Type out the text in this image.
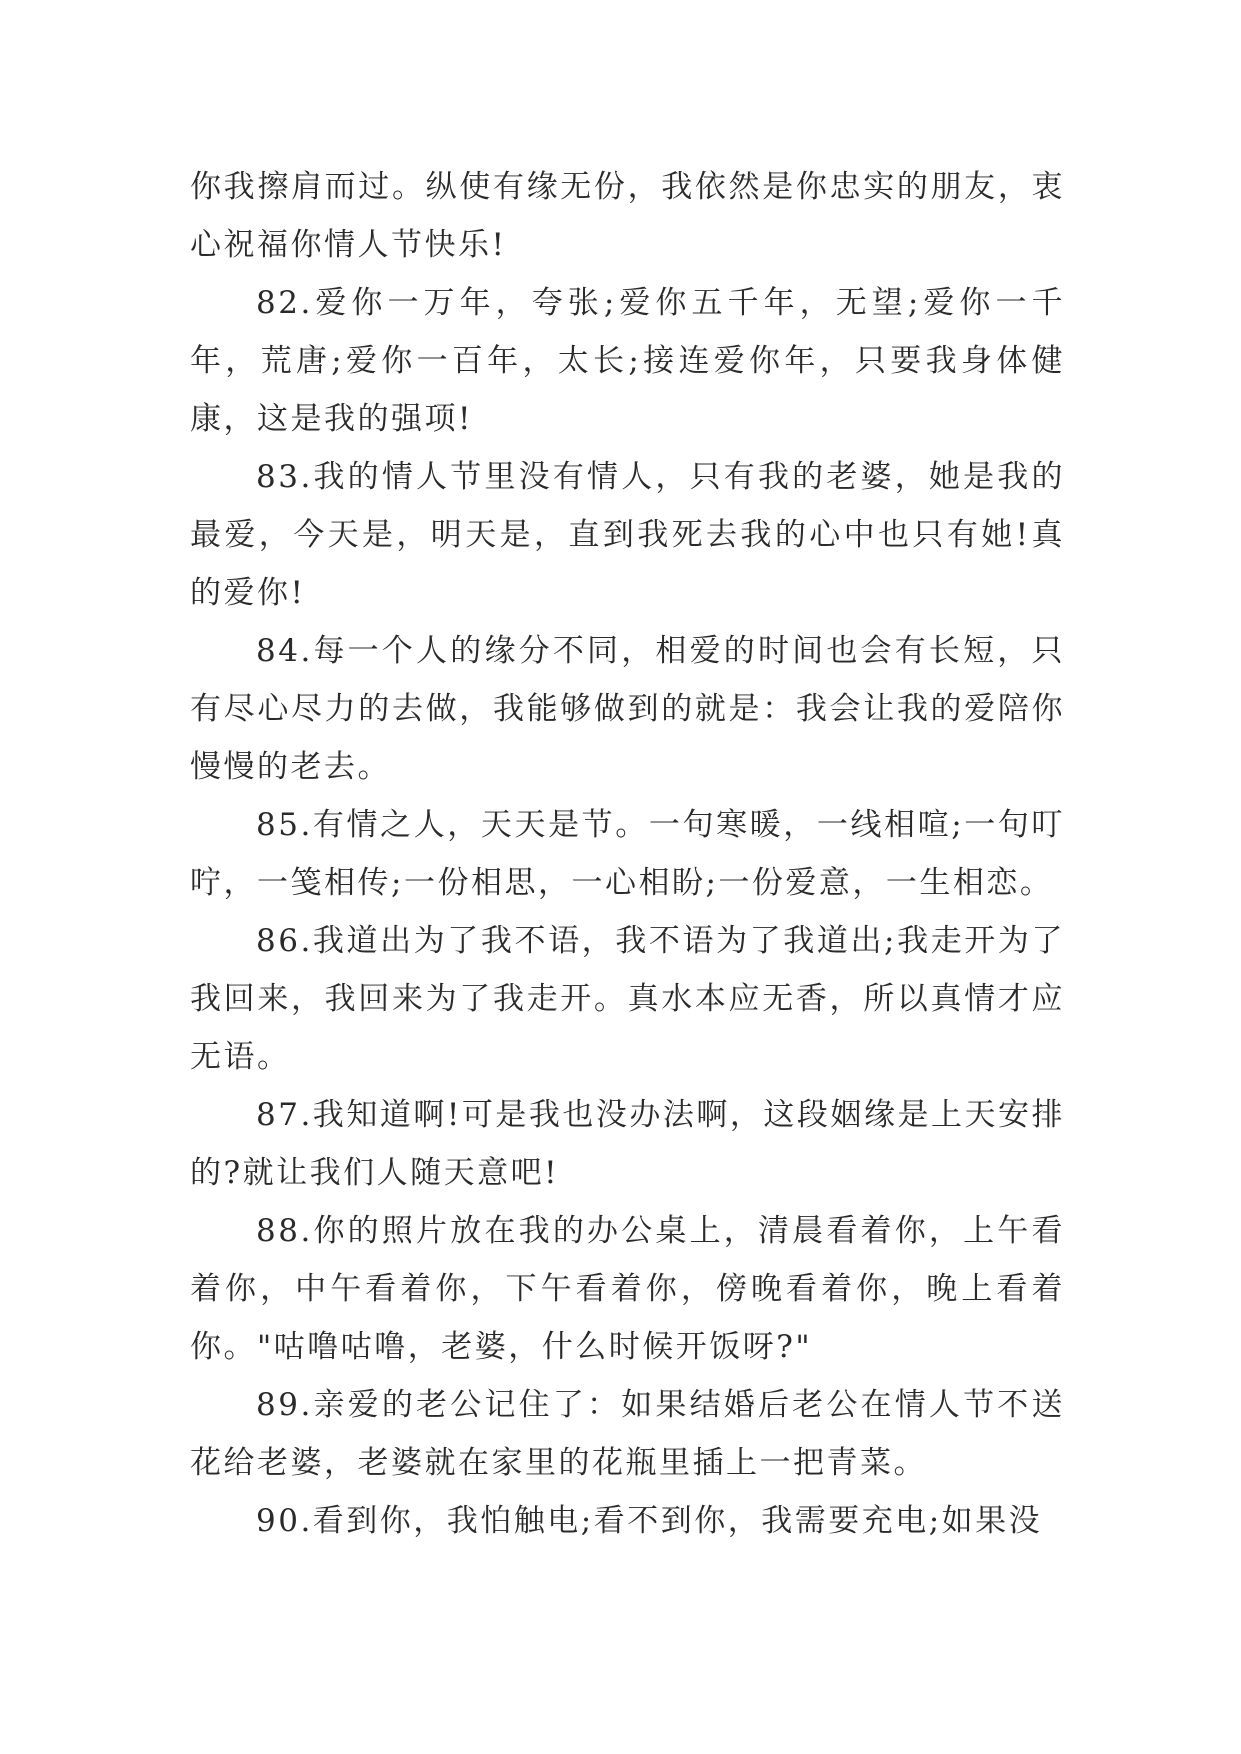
你我擦肩而过。纵使有缘无份，我依然是你忠实的朋友，衷心祝福你情人节快乐!

82.爱你一万年，夸张;爱你五千年，无望;爱你一千年，荒唐;爱你一百年，太长;接连爱你年，只要我身体健康，这是我的强项!

83.我的情人节里没有情人，只有我的老婆，她是我的最爱，今天是，明天是，直到我死去我的心中也只有她!真的爱你!

84.每一个人的缘分不同，相爱的时间也会有长短，只有尽心尽力的去做，我能够做到的就是：我会让我的爱陪你慢慢的老去。

85.有情之人，天天是节。一句寒暖，一线相喧;一句叮咛，一笺相传;一份相思，一心相盼;一份爱意，一生相恋。

86.我道出为了我不语，我不语为了我道出;我走开为了我回来，我回来为了我走开。真水本应无香，所以真情才应无语。

87.我知道啊!可是我也没办法啊，这段姻缘是上天安排的?就让我们人随天意吧!

88.你的照片放在我的办公桌上，清晨看着你，上午看着你，中午看着你，下午看着你，傍晚看着你，晚上看着你。"咕噜咕噜，老婆，什么时候开饭呀?"

89.亲爱的老公记住了：如果结婚后老公在情人节不送花给老婆，老婆就在家里的花瓶里插上一把青菜。

90.看到你，我怕触电;看不到你，我需要充电;如果没
